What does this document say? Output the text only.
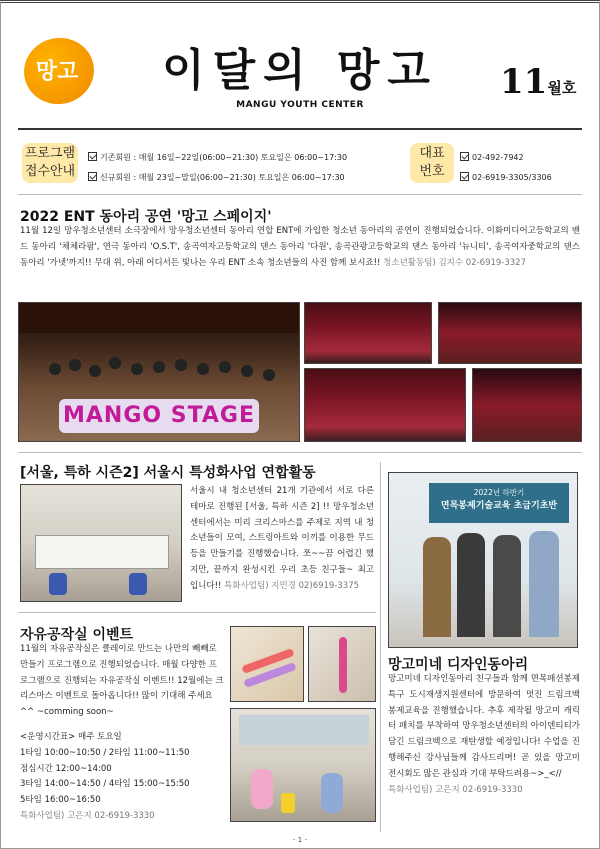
망고 이달의 망고
MANGU YOUTH CENTER
11월호
프로그램
접수안내
기존회원 : 매월 16일~22일(06:00~21:30) 토요일은 06:00~17:30
신규회원 : 매월 23일~말일(06:00~21:30) 토요일은 06:00~17:30
대표
번호
02-492-7942
02-6919-3305/3306
2022 ENT 동아리 공연 '망고 스페이지'
11월 12일 망우청소년센터 소극장에서 망우청소년센터 동아리 연합 ENT에 가입한 청소년 동아리의 공연이 진행되었습니다. 이화미디어고등학교의 밴드 동아리 '체체라팜', 연극 동아리 'O.S.T', 송곡여자고등학교의 댄스 동아리 '다원', 송곡관광고등학교의 댄스 동아리 '뉴니티', 송곡여자중학교의 댄스 동아리 '가넷'까지!! 무대 위, 아래 어디서든 빛나는 우리 ENT 소속 청소년들의 사진 함께 보시죠!! 청소년활동팀) 김지수 02-6919-3327
MANGO STAGE
[서울, 특하 시즌2] 서울시 특성화사업 연합활동
서울시 내 청소년센터 21개 기관에서 서로 다른 테마로 진행된 [서울, 특하 시즌 2] !! 망우청소년센터에서는 미리 크리스마스를 주제로 지역 내 청소년들이 모여, 스트링아트와 이끼를 이용한 무드등을 만들기를 진행했습니다. 쪼~~끔 어렵긴 했지만, 끝까지 완성시킨 우리 초등 친구들~ 최고 입니다!! 특화사업팀) 지민경 02)6919-3375
자유공작실 이벤트
11월의 자유공작실은 클레이로 만드는 나만의 빼빼로 만들기 프로그램으로 진행되었습니다. 매월 다양한 프로그램으로 진행되는 자유공작실 이벤트!! 12월에는 크리스마스 이벤트로 돌아옵니다!! 많이 기대해 주세요^^ ~comming soon~
<운영시간표> 매주 토요일
1타임 10:00~10:50 / 2타임 11:00~11:50
점심시간 12:00~14:00
3타임 14:00~14:50 / 4타임 15:00~15:50
5타임 16:00~16:50
특화사업팀) 고은지 02-6919-3330
2022년 하반기
면목봉제기술교육 초급기초반
망고미네 디자인동아리
망고미네 디자인동아리 친구들과 함께 면목패션봉제특구 도시재생지원센터에 방문하여 멋진 드림크백 봉제교육을 진행했습니다. 추후 제작될 망고미 캐릭터 패치를 부착하여 망우청소년센터의 아이덴티티가 담긴 드림크백으로 재탄생할 예정입니다! 수업을 진행해주신 강사님들께 감사드리며! 곧 있을 망고미 전시회도 많은 관심과 기대 부탁드려용~>_<//
특화사업팀) 고은지 02-6919-3330
- 1 -
